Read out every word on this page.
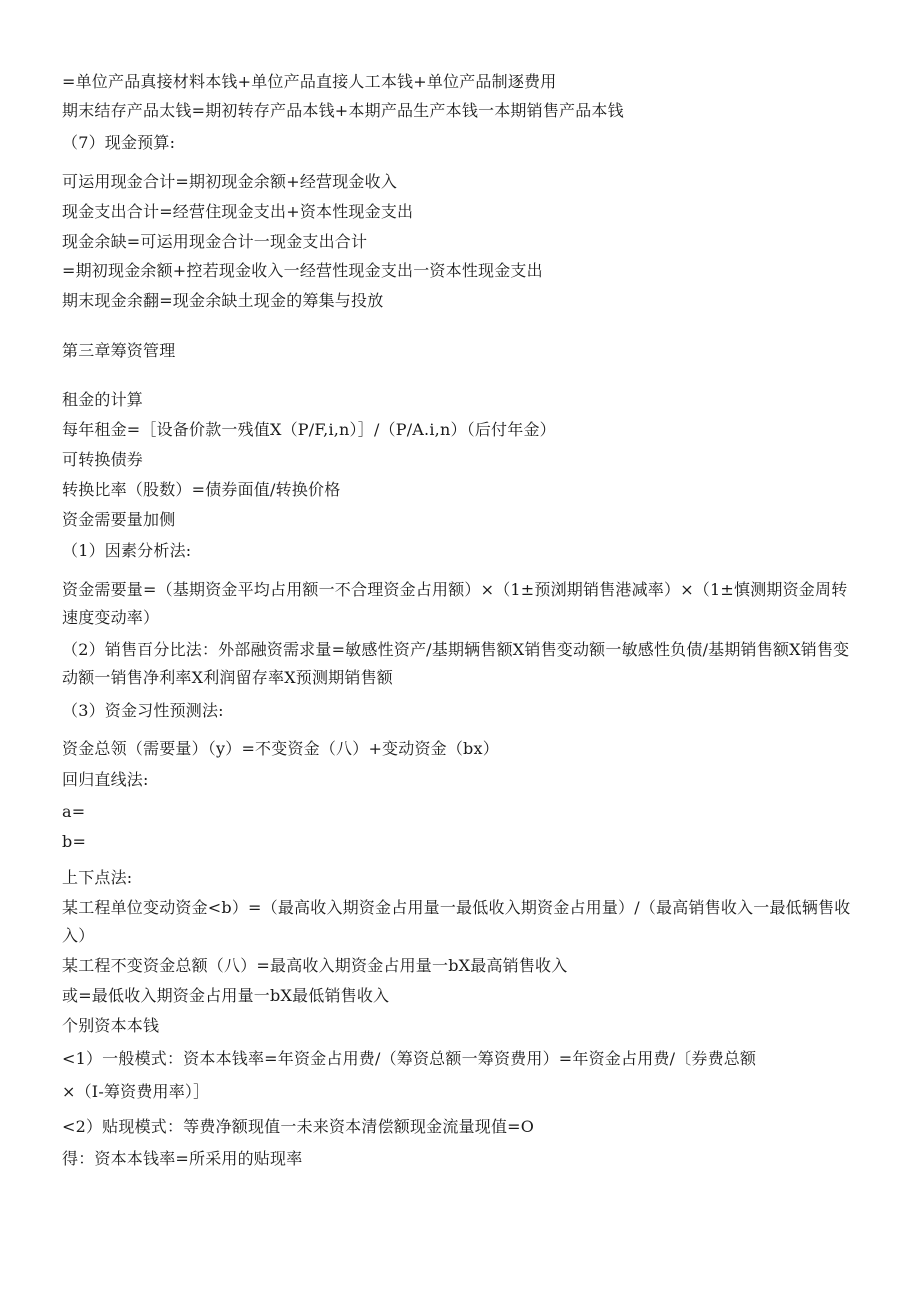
=单位产品真接材料本钱+单位产品直接人工本钱+单位产品制逐费用
期末结存产品太钱=期初转存产品本钱+本期产品生产本钱一本期销售产品本钱
（7）现金预算:
可运用现金合计=期初现金余额+经营现金收入
现金支出合计=经营住现金支出+资本性现金支出
现金余缺=可运用现金合计一现金支出合计
=期初现金余额+控若现金收入一经营性现金支出一资本性现金支出
期末现金余翻=现金余缺土现金的筹集与投放
第三章筹资管理
租金的计算
每年租金=［设备价款一残值X（P/F,i,n）］/（P/A.i,n）（后付年金）
可转换债券
转换比率（股数）=债券面值/转换价格
资金需要量加侧
（1）因素分析法:
资金需要量=（基期资金平均占用额一不合理资金占用额）×（1±预浏期销售港减率）×（1±慎测期资金周转速度变动率）
（2）销售百分比法：外部融资需求量=敏感性资产/基期辆售额X销售变动额一敏感性负债/基期销售额X销售变动额一销售净利率X利润留存率X预测期销售额
（3）资金习性预测法:
资金总领（需要量）（y）=不变资金（八）+变动资金（bx）
回归直线法:
a=
b=
上下点法:
某工程单位变动资金<b）=（最高收入期资金占用量一最低收入期资金占用量）/（最高销售收入一最低辆售收入）
某工程不变资金总额（八）=最高收入期资金占用量一bX最高销售收入
或=最低收入期资金占用量一bX最低销售收入
个别资本本钱
<1）一般模式：资本本钱率=年资金占用费/（筹资总额一筹资费用）=年资金占用费/〔券费总额
×（I-筹资费用率）］
<2）贴现模式：等费净额现值一未来资本清偿额现金流量现值=O
得：资本本钱率=所采用的贴现率
